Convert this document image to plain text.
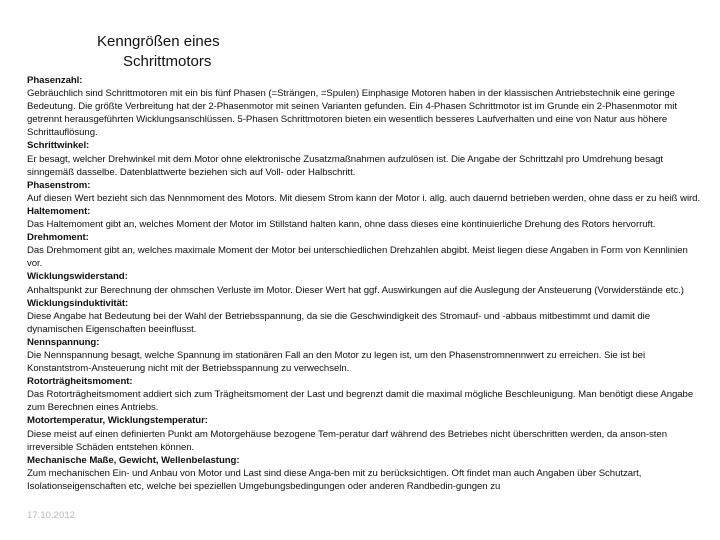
Kenngrößen eines
Schrittmotors
Phasenzahl:

Gebräuchlich sind Schrittmotoren mit ein bis fünf Phasen (=Strängen, =Spulen) Einphasige Motoren haben in der klassischen Antriebstechnik eine geringe Bedeutung. Die größte Verbreitung hat der 2-Phasenmotor mit seinen Varianten gefunden. Ein 4-Phasen Schrittmotor ist im Grunde ein 2-Phasenmotor mit getrennt herausgeführten Wicklungsanschlüssen. 5-Phasen Schrittmotoren bieten ein wesentlich besseres Laufverhalten und eine von Natur aus höhere Schrittauflösung.

Schrittwinkel:

Er besagt, welcher Drehwinkel mit dem Motor ohne elektronische Zusatzmaßnahmen aufzulösen ist. Die Angabe der Schrittzahl pro Umdrehung besagt sinngemäß dasselbe. Datenblattwerte beziehen sich auf Voll- oder Halbschritt.

Phasenstrom:

Auf diesen Wert bezieht sich das Nennmoment des Motors. Mit diesem Strom kann der Motor i. allg. auch dauernd betrieben werden, ohne dass er zu heiß wird.

Haltemoment:

Das Haltemoment gibt an, welches Moment der Motor im Stillstand halten kann, ohne dass dieses eine kontinuierliche Drehung des Rotors hervorruft.

Drehmoment:

Das Drehmoment gibt an, welches maximale Moment der Motor bei unterschiedlichen Drehzahlen abgibt. Meist liegen diese Angaben in Form von Kennlinien vor.

Wicklungswiderstand:

Anhaltspunkt zur Berechnung der ohmschen Verluste im Motor. Dieser Wert hat ggf. Auswirkungen auf die Auslegung der Ansteuerung (Vorwiderstände etc.)

Wicklungsinduktivität:

Diese Angabe hat Bedeutung bei der Wahl der Betriebsspannung, da sie die Geschwindigkeit des Stromauf- und -abbaus mitbestimmt und damit die dynamischen Eigenschaften beeinflusst.

Nennspannung:

Die Nennspannung besagt, welche Spannung im stationären Fall an den Motor zu legen ist, um den Phasenstromnennwert zu erreichen. Sie ist bei Konstantstrom-Ansteuerung nicht mit der Betriebsspannung zu verwechseln.

Rotorträgheitsmoment:

Das Rotorträgheitsmoment addiert sich zum Trägheitsmoment der Last und begrenzt damit die maximal mögliche Beschleunigung. Man benötigt diese Angabe zum Berechnen eines Antriebs.

Motortemperatur, Wicklungstemperatur:

Diese meist auf einen definierten Punkt am Motorgehäuse bezogene Tem-peratur darf während des Betriebes nicht überschritten werden, da anson-sten irreversible Schäden entstehen können.

Mechanische Maße, Gewicht, Wellenbelastung:

Zum mechanischen Ein- und Anbau von Motor und Last sind diese Anga-ben mit zu berücksichtigen. Oft findet man auch Angaben über Schutzart, Isolationseigenschaften etc, welche bei speziellen Umgebungsbedingungen oder anderen Randbedin-gungen zu

17.10.2012
